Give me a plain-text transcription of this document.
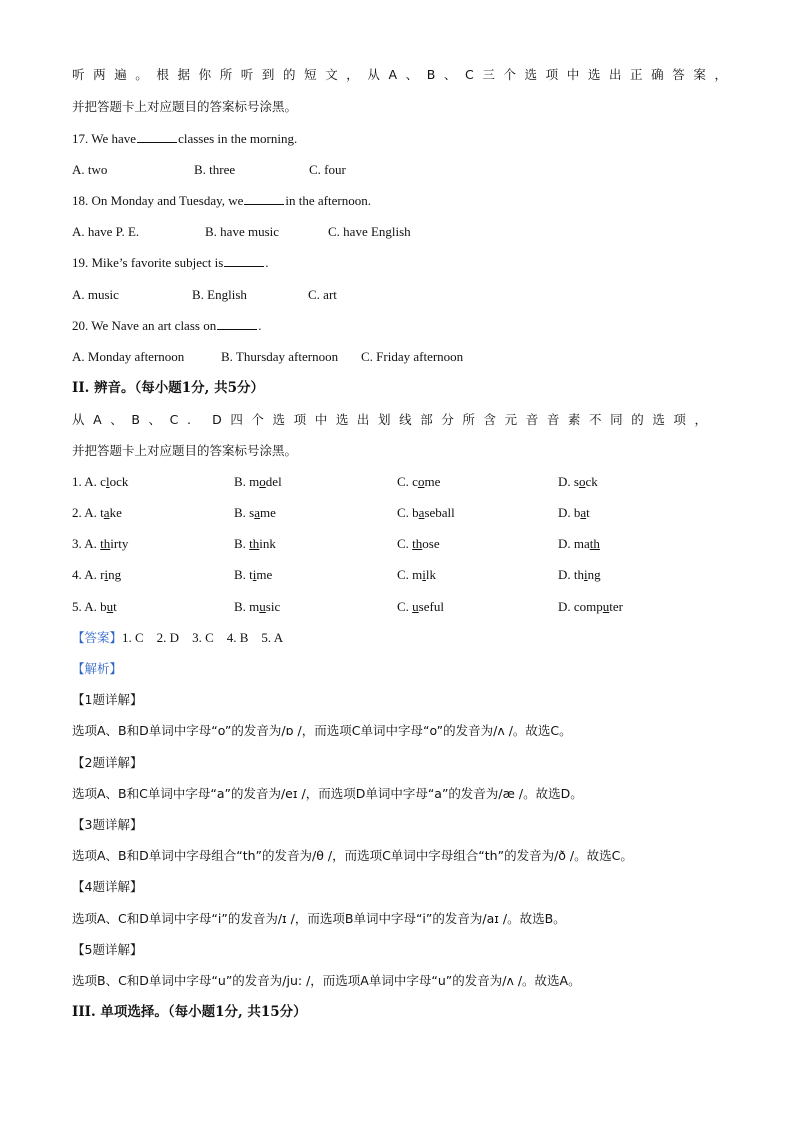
听两遍。根据你所听到的短文，从A、B、C三个选项中选出正确答案，
并把答题卡上对应题目的答案标号涂黑。
17. We have	classes in the morning.
A. two	B. three	C. four
18. On Monday and Tuesday, we	in the afternoon.
A. have P. E.	B. have music	C. have English
19. Mike’s favorite subject is	.
A. music	B. English	C. art
20. We Nave an art class on	.
A. Monday afternoon	B. Thursday afternoon C. Friday afternoon
II. 辨音。（每小题1分, 共5分）
从A、B、C. D四个选项中选出划线部分所含元音音素不同的选项，
并把答题卡上对应题目的答案标号涂黑。
1. A. clock	B. model	C. come	D. sock
2. A. take	B. same	C. baseball	D. bat
3. A. thirty	B. think	C. those	D. math
4. A. ring	B. time	C. milk	D. thing
5. A. but	B. music	C. useful	D. computer
【答案】1. C    2. D    3. C    4. B    5. A
【解析】
【1题详解】
选项A、B和D单词中字母“o”的发音为/ɒ /，而选项C单词中字母“o”的发音为/ʌ /。故选C。
【2题详解】
选项A、B和C单词中字母“a”的发音为/eɪ /，而选项D单词中字母“a”的发音为/æ /。故选D。
【3题详解】
选项A、B和D单词中字母组合“th”的发音为/θ /，而选项C单词中字母组合“th”的发音为/ð /。故选C。
【4题详解】
选项A、C和D单词中字母“i”的发音为/ɪ /，而选项B单词中字母“i”的发音为/aɪ /。故选B。
【5题详解】
选项B、C和D单词中字母“u”的发音为/ju: /，而选项A单词中字母“u”的发音为/ʌ /。故选A。
III. 单项选择。（每小题1分, 共15分）
